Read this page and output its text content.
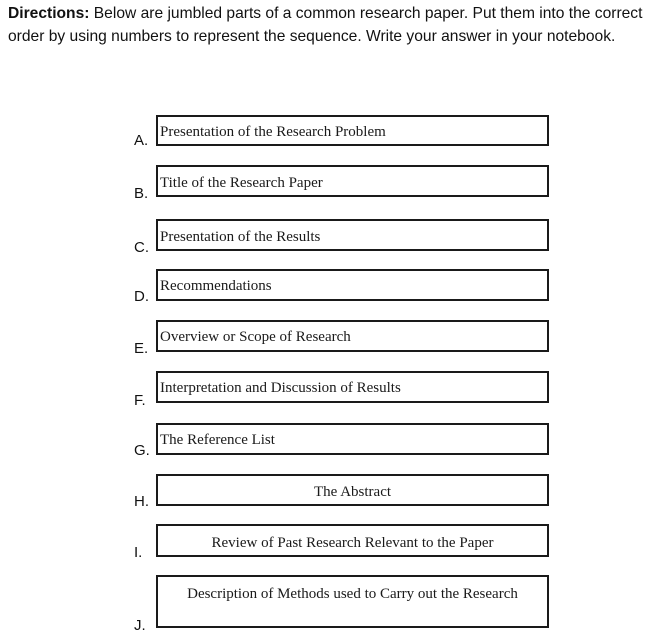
Directions: Below are jumbled parts of a common research paper. Put them into the correct order by using numbers to represent the sequence. Write your answer in your notebook.

A. Presentation of the Research Problem
B.
Title of the Research Paper
C.
Presentation of the Results
D.
Recommendations
E.
Overview or Scope of Research
F.
Interpretation and Discussion of Results
G.
The Reference List
H.
The Abstract
I.
Review of Past Research Relevant to the Paper
J.
Description of Methods used to Carry out the Research
